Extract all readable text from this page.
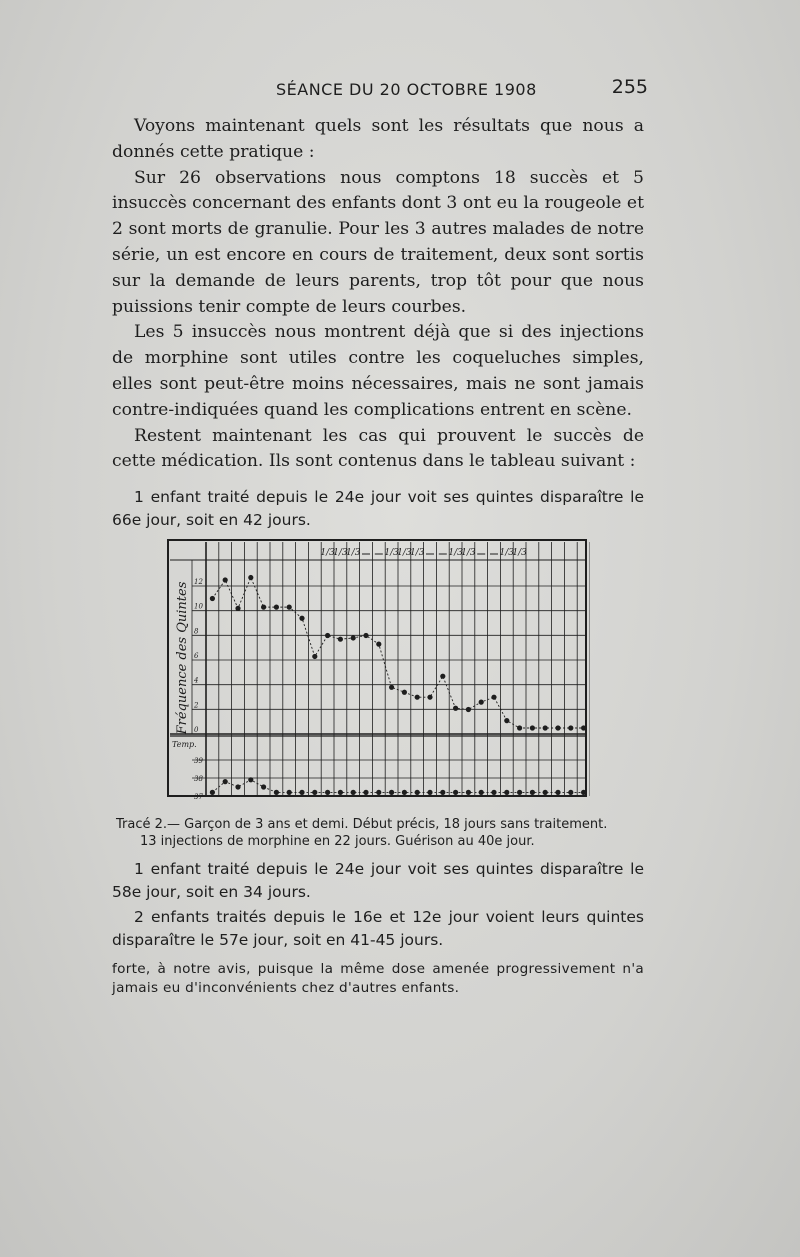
SÉANCE DU 20 OCTOBRE 1908	255

Voyons maintenant quels sont les résultats que nous a donnés cette pratique :

Sur 26 observations nous comptons 18 succès et 5 insuccès concernant des enfants dont 3 ont eu la rougeole et 2 sont morts de granulie. Pour les 3 autres malades de notre série, un est encore en cours de traitement, deux sont sortis sur la demande de leurs parents, trop tôt pour que nous puissions tenir compte de leurs courbes.

Les 5 insuccès nous montrent déjà que si des injections de morphine sont utiles contre les coqueluches simples, elles sont peut-être moins nécessaires, mais ne sont jamais contre-indiquées quand les complications entrent en scène.

Restent maintenant les cas qui prouvent le succès de cette médication. Ils sont contenus dans le tableau suivant :

1 enfant traité depuis le 24e jour voit ses quintes disparaître le 66e jour, soit en 42 jours.

Fréquence des Quintes 12
10
8
6
4
2
0
Temp.
39
38
37
1/3
1/3
1/3	1/3
1/3
1/3	1/3
1/3	1/3
1/3
Tracé 2.— Garçon de 3 ans et demi. Début précis, 18 jours sans traitement.
13 injections de morphine en 22 jours. Guérison au 40e jour.

1 enfant traité depuis le 24e jour voit ses quintes disparaître le 58e jour, soit en 34 jours.

2 enfants traités depuis le 16e et 12e jour voient leurs quintes disparaître le 57e jour, soit en 41-45 jours.

forte, à notre avis, puisque la même dose amenée progressivement n'a jamais eu d'inconvénients chez d'autres enfants.
